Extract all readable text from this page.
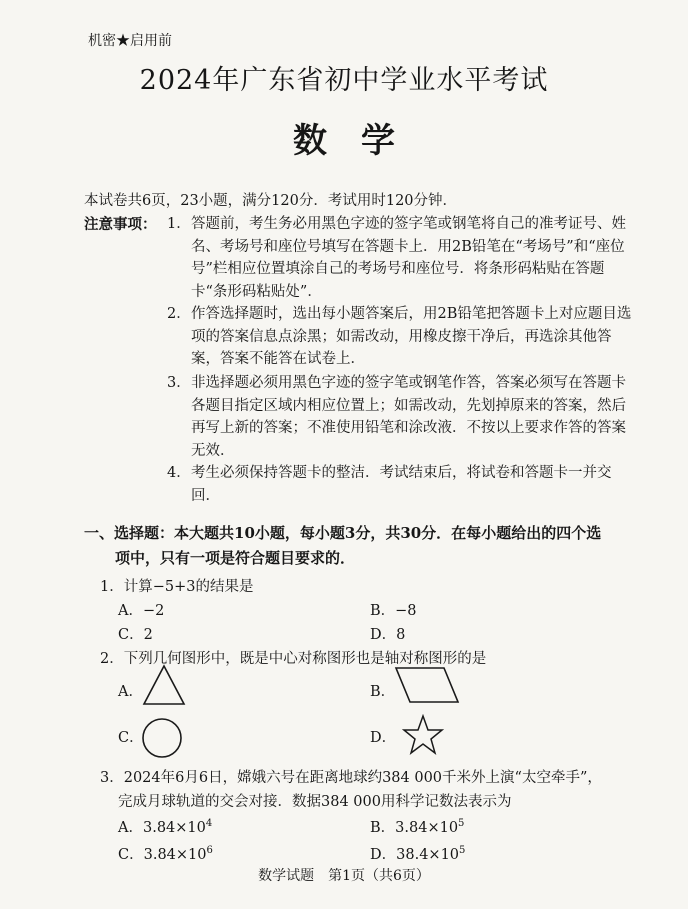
机密★启用前
2024年广东省初中学业水平考试
数学
本试卷共6页，23小题，满分120分．考试用时120分钟．
注意事项： 1． 答题前，考生务必用黑色字迹的签字笔或钢笔将自己的准考证号、姓名、考场号和座位号填写在答题卡上．用2B铅笔在“考场号”和“座位号”栏相应位置填涂自己的考场号和座位号．将条形码粘贴在答题卡“条形码粘贴处”．
2． 作答选择题时，选出每小题答案后，用2B铅笔把答题卡上对应题目选项的答案信息点涂黑；如需改动，用橡皮擦干净后，再选涂其他答案，答案不能答在试卷上．
3． 非选择题必须用黑色字迹的签字笔或钢笔作答，答案必须写在答题卡各题目指定区域内相应位置上；如需改动，先划掉原来的答案，然后再写上新的答案；不准使用铅笔和涂改液．不按以上要求作答的答案无效．
4． 考生必须保持答题卡的整洁．考试结束后，将试卷和答题卡一并交回．
一、选择题：本大题共10小题，每小题3分，共30分．在每小题给出的四个选
项中，只有一项是符合题目要求的．
1．计算−5+3的结果是
A．−2	B．−8
C．2	D．8
2．下列几何图形中，既是中心对称图形也是轴对称图形的是
A．	B．
C．	D．
3．2024年6月6日，嫦娥六号在距离地球约384 000千米外上演“太空牵手”，
完成月球轨道的交会对接．数据384 000用科学记数法表示为
A．$3.84\times 10^4$	B．$3.84\times 10^5$
C．$3.84\times 10^6$	D．$38.4\times 10^5$
数学试题　第1页（共6页）
